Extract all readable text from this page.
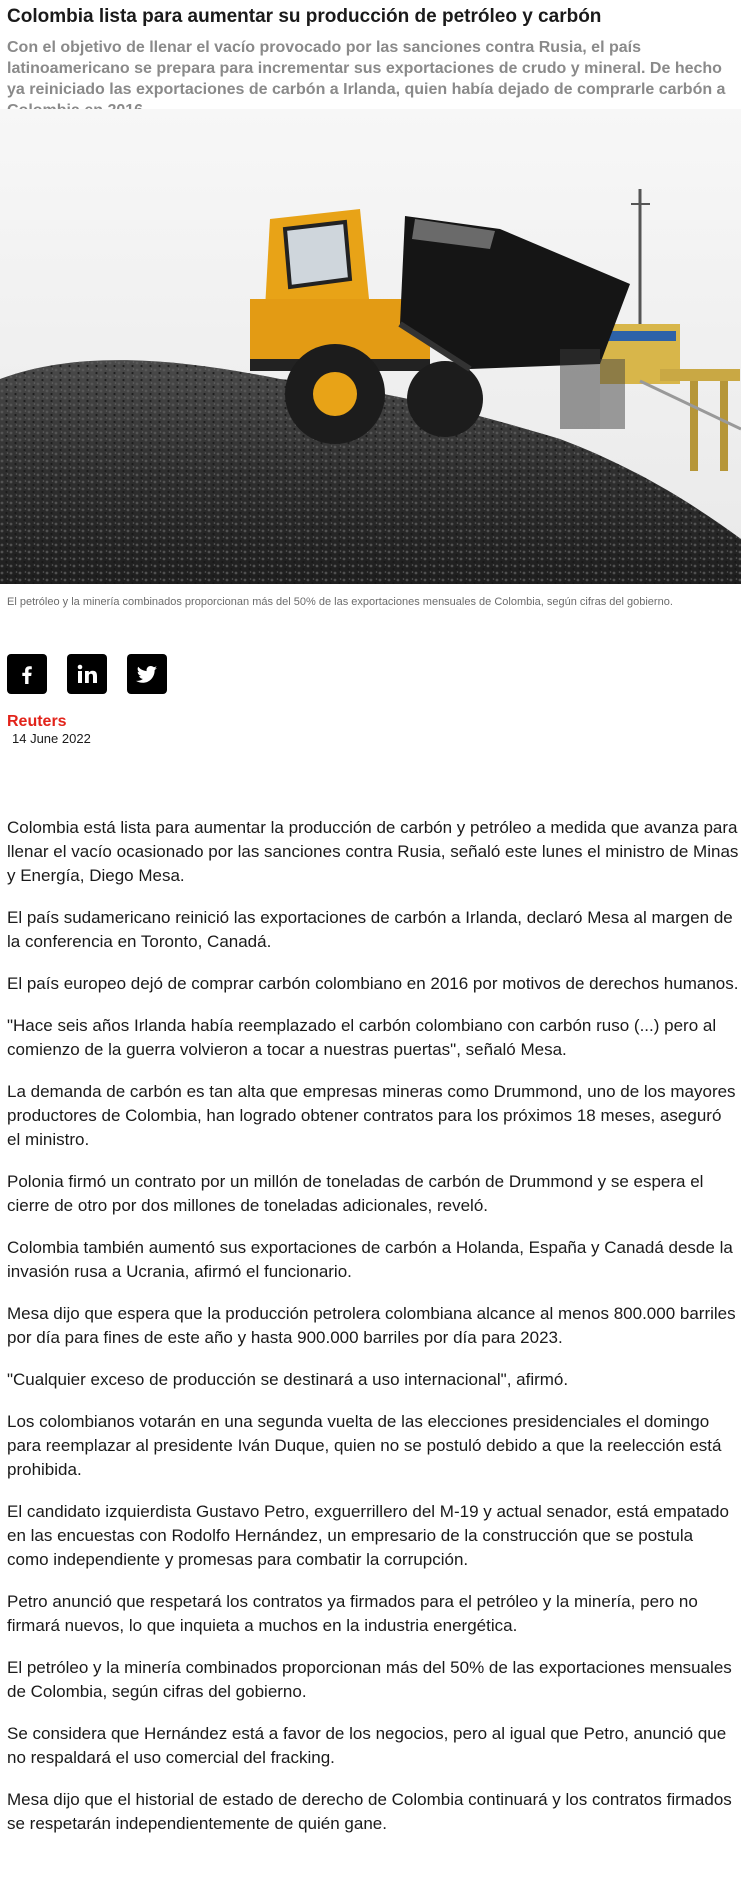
Colombia lista para aumentar su producción de petróleo y carbón

Con el objetivo de llenar el vacío provocado por las sanciones contra Rusia, el país latinoamericano se prepara para incrementar sus exportaciones de crudo y mineral. De hecho ya reiniciado las exportaciones de carbón a Irlanda, quien había dejado de comprarle carbón a

El petróleo y la minería combinados proporcionan más del 50% de las exportaciones mensuales de Colombia, según cifras del gobierno.

Reuters
14 June 2022

Colombia está lista para aumentar la producción de carbón y petróleo a medida que avanza para llenar el vacío ocasionado por las sanciones contra Rusia, señaló este lunes el ministro de Minas y Energía, Diego Mesa.

El país sudamericano reinició las exportaciones de carbón a Irlanda, declaró Mesa al margen de la conferencia en Toronto, Canadá.

El país europeo dejó de comprar carbón colombiano en 2016 por motivos de derechos humanos.

"Hace seis años Irlanda había reemplazado el carbón colombiano con carbón ruso (...) pero al comienzo de la guerra volvieron a tocar a nuestras puertas", señaló Mesa.

La demanda de carbón es tan alta que empresas mineras como Drummond, uno de los mayores productores de Colombia, han logrado obtener contratos para los próximos 18 meses, aseguró el ministro.

Polonia firmó un contrato por un millón de toneladas de carbón de Drummond y se espera el cierre de otro por dos millones de toneladas adicionales, reveló.

Colombia también aumentó sus exportaciones de carbón a Holanda, España y Canadá desde la invasión rusa a Ucrania, afirmó el funcionario.

Mesa dijo que espera que la producción petrolera colombiana alcance al menos 800.000 barriles por día para fines de este año y hasta 900.000 barriles por día para 2023.

"Cualquier exceso de producción se destinará a uso internacional", afirmó.

Los colombianos votarán en una segunda vuelta de las elecciones presidenciales el domingo para reemplazar al presidente Iván Duque, quien no se postuló debido a que la reelección está prohibida.

El candidato izquierdista Gustavo Petro, exguerrillero del M-19 y actual senador, está empatado en las encuestas con Rodolfo Hernández, un empresario de la construcción que se postula como independiente y promesas para combatir la corrupción.

Petro anunció que respetará los contratos ya firmados para el petróleo y la minería, pero no firmará nuevos, lo que inquieta a muchos en la industria energética.

El petróleo y la minería combinados proporcionan más del 50% de las exportaciones mensuales de Colombia, según cifras del gobierno.

Se considera que Hernández está a favor de los negocios, pero al igual que Petro, anunció que no respaldará el uso comercial del fracking.

Mesa dijo que el historial de estado de derecho de Colombia continuará y los contratos firmados se respetarán independientemente de quién gane.
